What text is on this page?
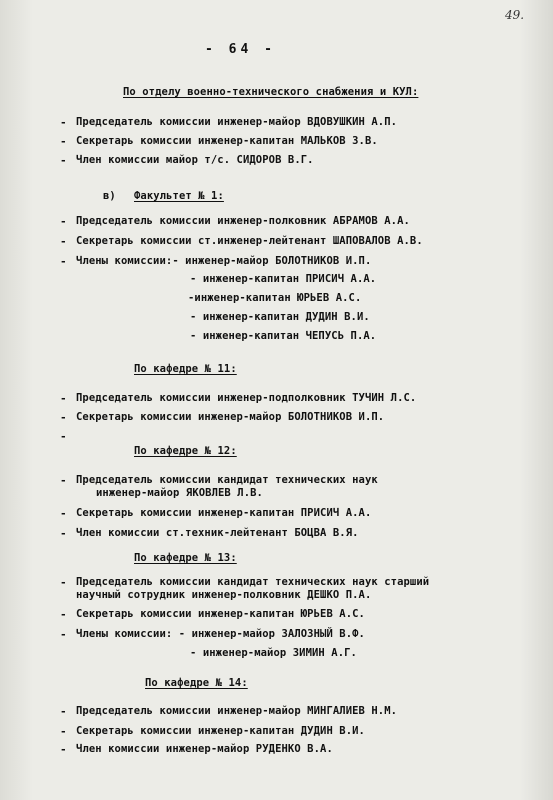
49.
- 64 -
По отделу военно-технического снабжения и КУЛ:
- Председатель комиссии инженер-майор ВДОВУШКИН А.П.
- Секретарь комиссии инженер-капитан МАЛЬКОВ З.В.
- Член комиссии майор т/с. СИДОРОВ В.Г.
в) Факультет № 1:
- Председатель комиссии инженер-полковник АБРАМОВ А.А.
- Секретарь комиссии ст.инженер-лейтенант ШАПОВАЛОВ А.В.
- Члены комиссии:- инженер-майор БОЛОТНИКОВ И.П.
- инженер-капитан ПРИСИЧ А.А.
-инженер-капитан ЮРЬЕВ А.С.
- инженер-капитан ДУДИН В.И.
- инженер-капитан ЧЕПУСЬ П.А.
По кафедре № 11:
- Председатель комиссии инженер-подполковник ТУЧИН Л.С.
- Секретарь комиссии инженер-майор БОЛОТНИКОВ И.П.
-
По кафедре № 12:
- Председатель комиссии кандидат технических наук
инженер-майор ЯКОВЛЕВ Л.В.
- Секретарь комиссии инженер-капитан ПРИСИЧ А.А.
- Член комиссии ст.техник-лейтенант БОЦВА В.Я.
По кафедре № 13:
- Председатель комиссии кандидат технических наук старший
научный сотрудник инженер-полковник ДЕШКО П.А.
- Секретарь комиссии инженер-капитан ЮРЬЕВ А.С.
- Члены комиссии: - инженер-майор ЗАЛОЗНЫЙ В.Ф.
- инженер-майор ЗИМИН А.Г.
По кафедре № 14:
- Председатель комиссии инженер-майор МИНГАЛИЕВ Н.М.
- Секретарь комиссии инженер-капитан ДУДИН В.И.
- Член комиссии инженер-майор РУДЕНКО В.А.
